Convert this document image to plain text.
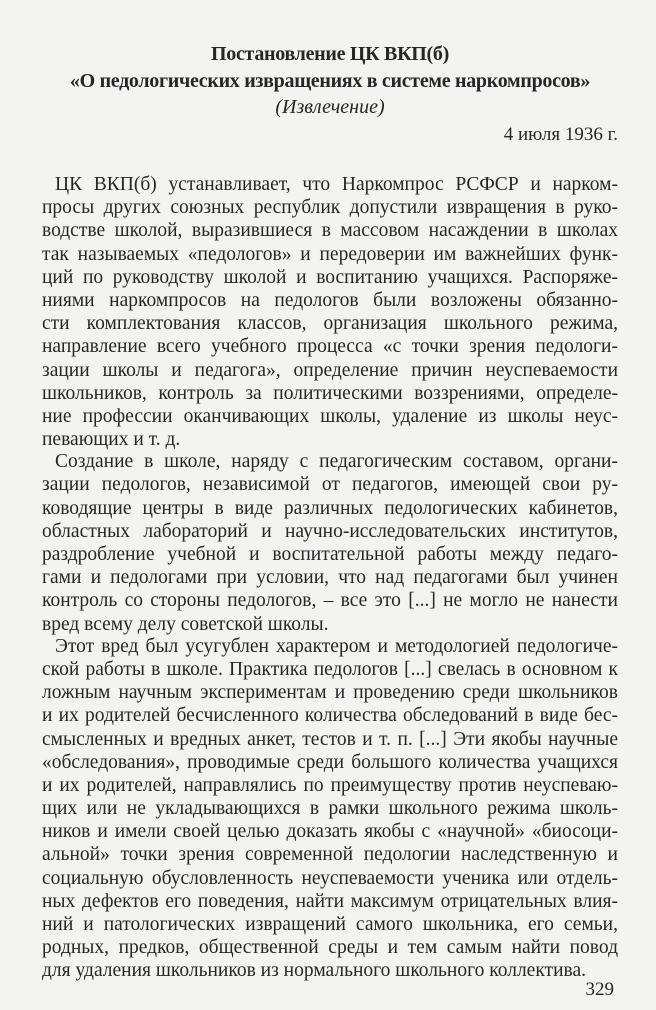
Постановление ЦК ВКП(б)
«О педологических извращениях в системе наркомпросов»
(Извлечение)
4 июля 1936 г.
ЦК ВКП(б) устанавливает, что Наркомпрос РСФСР и нарком-
просы других союзных республик допустили извращения в руко-
водстве школой, выразившиеся в массовом насаждении в школах
так называемых «педологов» и передоверии им важнейших функ-
ций по руководству школой и воспитанию учащихся. Распоряже-
ниями наркомпросов на педологов были возложены обязанно-
сти комплектования классов, организация школьного режима,
направление всего учебного процесса «с точки зрения педологи-
зации школы и педагога», определение причин неуспеваемости
школьников, контроль за политическими воззрениями, определе-
ние профессии оканчивающих школы, удаление из школы неус-
певающих и т. д.
Создание в школе, наряду с педагогическим составом, органи-
зации педологов, независимой от педагогов, имеющей свои ру-
ководящие центры в виде различных педологических кабинетов,
областных лабораторий и научно-исследовательских институтов,
раздробление учебной и воспитательной работы между педаго-
гами и педологами при условии, что над педагогами был учинен
контроль со стороны педологов, – все это [...] не могло не нанести
вред всему делу советской школы.
Этот вред был усугублен характером и методологией педологиче-
ской работы в школе. Практика педологов [...] свелась в основном к
ложным научным экспериментам и проведению среди школьников
и их родителей бесчисленного количества обследований в виде бес-
смысленных и вредных анкет, тестов и т. п. [...] Эти якобы научные
«обследования», проводимые среди большого количества учащихся
и их родителей, направлялись по преимуществу против неуспеваю-
щих или не укладывающихся в рамки школьного режима школь-
ников и имели своей целью доказать якобы с «научной» «биосоци-
альной» точки зрения современной педологии наследственную и
социальную обусловленность неуспеваемости ученика или отдель-
ных дефектов его поведения, найти максимум отрицательных влия-
ний и патологических извращений самого школьника, его семьи,
родных, предков, общественной среды и тем самым найти повод
для удаления школьников из нормального школьного коллектива.
329
